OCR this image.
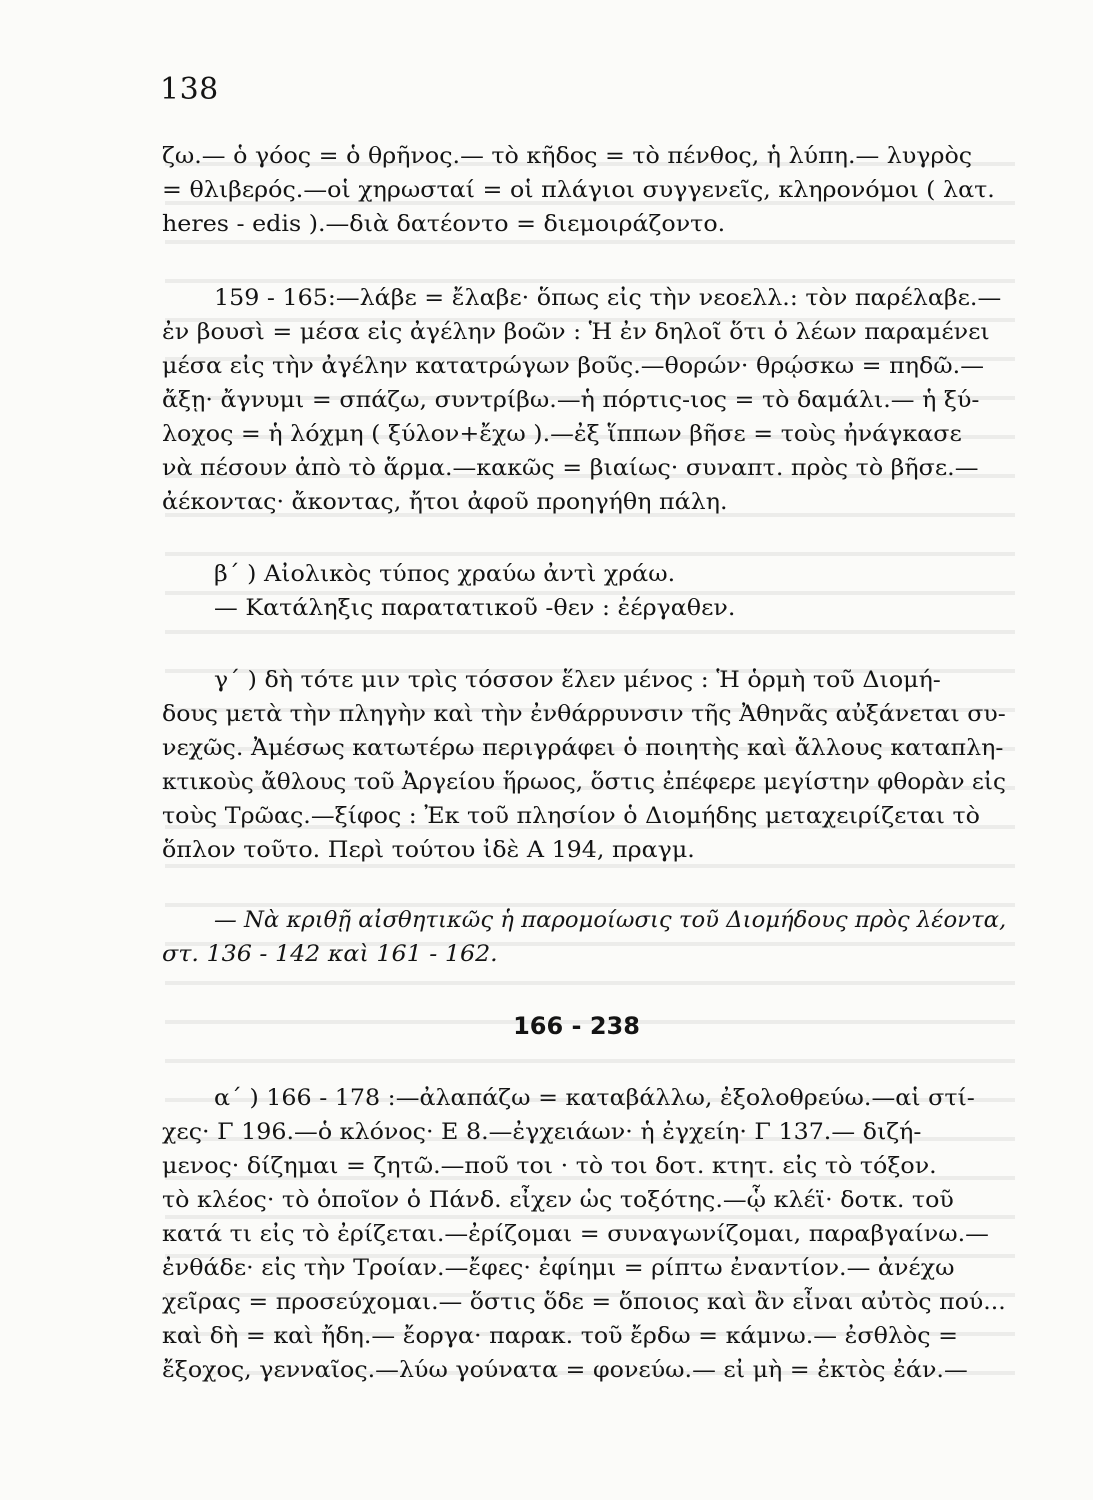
138
ζω.— ὁ γόος = ὁ θρῆνος.— τὸ κῆδος = τὸ πένθος, ἡ λύπη.— λυγρὸς
= θλιβερός.—οἱ χηρωσταί = οἱ πλάγιοι συγγενεῖς, κληρονόμοι ( λατ.
heres - edis ).—διὰ δατέοντο = διεμοιράζοντο.
159 - 165:—λάβε = ἔλαβε· ὅπως εἰς τὴν νεοελλ.: τὸν παρέλαβε.—
ἐν βουσὶ = μέσα εἰς ἀγέλην βοῶν : Ἡ ἐν δηλοῖ ὅτι ὁ λέων παραμένει
μέσα εἰς τὴν ἀγέλην κατατρώγων βοῦς.—θορών· θρῴσκω = πηδῶ.—
ἄξῃ· ἄγνυμι = σπάζω, συντρίβω.—ἡ πόρτις-ιος = τὸ δαμάλι.— ἡ ξύ-
λοχος = ἡ λόχμη ( ξύλον+ἔχω ).—ἐξ ἵππων βῆσε = τοὺς ἠνάγκασε
νὰ πέσουν ἀπὸ τὸ ἅρμα.—κακῶς = βιαίως· συναπτ. πρὸς τὸ βῆσε.—
ἀέκοντας· ἄκοντας, ἤτοι ἀφοῦ προηγήθη πάλη.
β΄ ) Αἰολικὸς τύπος χραύω ἀντὶ χράω.
— Κατάληξις παρατατικοῦ -θεν : ἐέργαθεν.
γ΄ ) δὴ τότε μιν τρὶς τόσσον ἕλεν μένος : Ἡ ὁρμὴ τοῦ Διομή-
δους μετὰ τὴν πληγὴν καὶ τὴν ἐνθάρρυνσιν τῆς Ἀθηνᾶς αὐξάνεται συ-
νεχῶς. Ἀμέσως κατωτέρω περιγράφει ὁ ποιητὴς καὶ ἄλλους καταπλη-
κτικοὺς ἄθλους τοῦ Ἀργείου ἥρωος, ὅστις ἐπέφερε μεγίστην φθορὰν εἰς
τοὺς Τρῶας.—ξίφος : Ἐκ τοῦ πλησίον ὁ Διομήδης μεταχειρίζεται τὸ
ὅπλον τοῦτο. Περὶ τούτου ἰδὲ Α 194, πραγμ.
— Νὰ κριθῇ αἰσθητικῶς ἡ παρομοίωσις τοῦ Διομήδους πρὸς λέοντα,
στ. 136 - 142 καὶ 161 - 162.
166 - 238
α΄ ) 166 - 178 :—ἀλαπάζω = καταβάλλω, ἐξολοθρεύω.—αἱ στί-
χες· Γ 196.—ὁ κλόνος· Ε 8.—ἐγχειάων· ἡ ἐγχείη· Γ 137.— διζή-
μενος· δίζημαι = ζητῶ.—ποῦ τοι · τὸ τοι δοτ. κτητ. εἰς τὸ τόξον.
τὸ κλέος· τὸ ὁποῖον ὁ Πάνδ. εἶχεν ὡς τοξότης.—ᾧ κλέϊ· δοτκ. τοῦ
κατά τι εἰς τὸ ἐρίζεται.—ἐρίζομαι = συναγωνίζομαι, παραβγαίνω.—
ἐνθάδε· εἰς τὴν Τροίαν.—ἔφες· ἐφίημι = ρίπτω ἐναντίον.— ἀνέχω
χεῖρας = προσεύχομαι.— ὅστις ὅδε = ὅποιος καὶ ἂν εἶναι αὐτὸς πού...
καὶ δὴ = καὶ ἤδη.— ἔοργα· παρακ. τοῦ ἔρδω = κάμνω.— ἐσθλὸς =
ἔξοχος, γενναῖος.—λύω γούνατα = φονεύω.— εἰ μὴ = ἐκτὸς ἐάν.—
